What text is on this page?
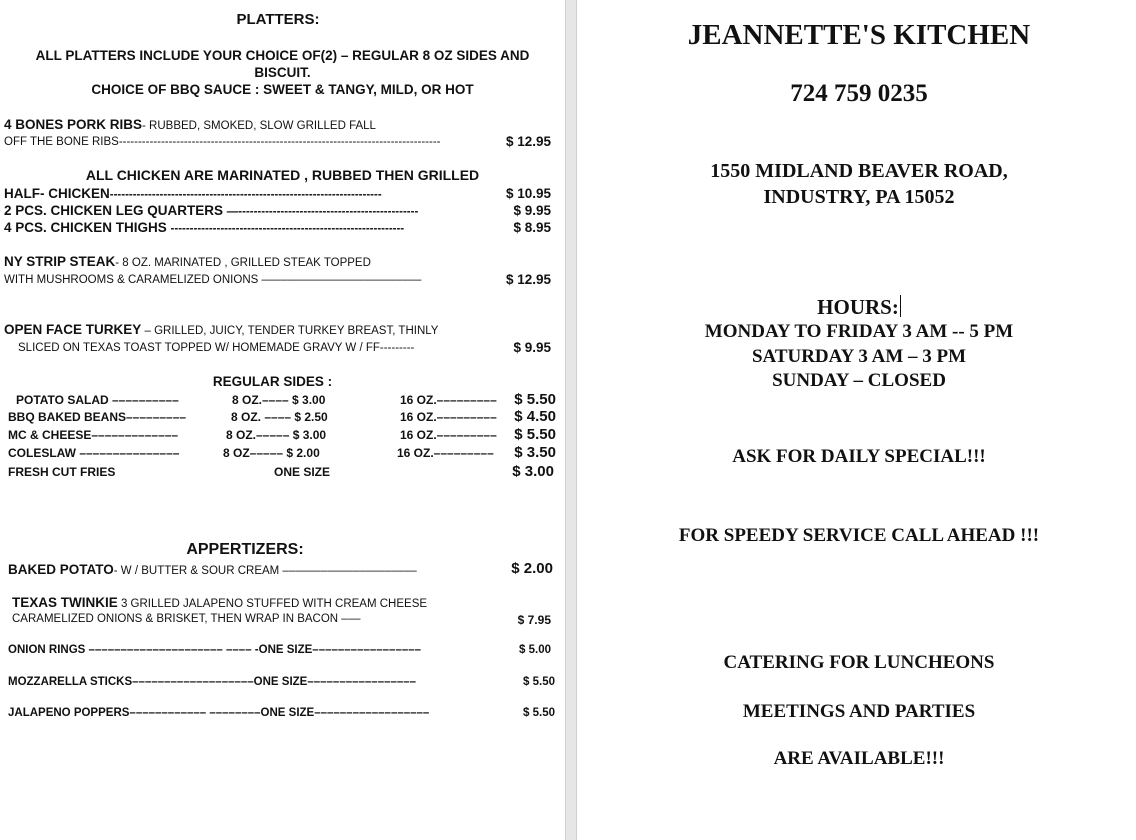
PLATTERS:
ALL PLATTERS INCLUDE YOUR CHOICE OF(2) – REGULAR 8 OZ SIDES AND
BISCUIT.
CHOICE OF BBQ SAUCE : SWEET & TANGY, MILD, OR HOT
4 BONES PORK RIBS- RUBBED, SMOKED, SLOW GRILLED FALL
OFF THE BONE RIBS------------------------------------------------------------------------------------	$ 12.95
ALL CHICKEN ARE MARINATED , RUBBED THEN GRILLED
HALF- CHICKEN-----------------------------------------------------------------------	$ 10.95
2 PCS. CHICKEN LEG QUARTERS —-----------------------------------------------	$ 9.95
4 PCS. CHICKEN THIGHS -------------------------------------------------------------	$ 8.95
NY STRIP STEAK- 8 OZ. MARINATED , GRILLED STEAK TOPPED
WITH MUSHROOMS & CARAMELIZED ONIONS –––––––––––––––––––––––––	$ 12.95
OPEN FACE TURKEY – GRILLED, JUICY, TENDER TURKEY BREAST, THINLY
SLICED ON TEXAS TOAST TOPPED W/ HOMEMADE GRAVY W / FF---------	$ 9.95
REGULAR SIDES :
POTATO SALAD ––––––––––	8 OZ.–––– $ 3.00	16 OZ.–––––––––	$ 5.50
BBQ BAKED BEANS–––––––––	8 OZ. –––– $ 2.50	16 OZ.–––––––––	$ 4.50
MC & CHEESE–––––––––––––	8 OZ.––––– $ 3.00	16 OZ.–––––––––	$ 5.50
COLESLAW –––––––––––––––	8 OZ––––– $ 2.00	16 OZ.–––––––––	$ 3.50
FRESH CUT FRIES	ONE SIZE	$ 3.00
APPERTIZERS:
BAKED POTATO- W / BUTTER & SOUR CREAM –––––––––––––––––––––	$ 2.00
TEXAS TWINKIE 3 GRILLED JALAPENO STUFFED WITH CREAM CHEESE
CARAMELIZED ONIONS & BRISKET, THEN WRAP IN BACON –––	$ 7.95
ONION RINGS ––––––––––––––––––––– –––– -ONE SIZE–––––––––––––––––	$ 5.00
MOZZARELLA STICKS–––––––––––––––––––ONE SIZE–––––––––––––––––	$ 5.50
JALAPENO POPPERS–––––––––––– ––––––––ONE SIZE––––––––––––––––––	$ 5.50
JEANNETTE'S KITCHEN
724 759 0235
1550 MIDLAND BEAVER ROAD,
INDUSTRY, PA 15052
HOURS:
MONDAY TO FRIDAY 3 AM -- 5 PM
SATURDAY 3 AM – 3 PM
SUNDAY – CLOSED
ASK FOR DAILY SPECIAL!!!
FOR SPEEDY SERVICE CALL AHEAD !!!
CATERING FOR LUNCHEONS
MEETINGS AND PARTIES
ARE AVAILABLE!!!
